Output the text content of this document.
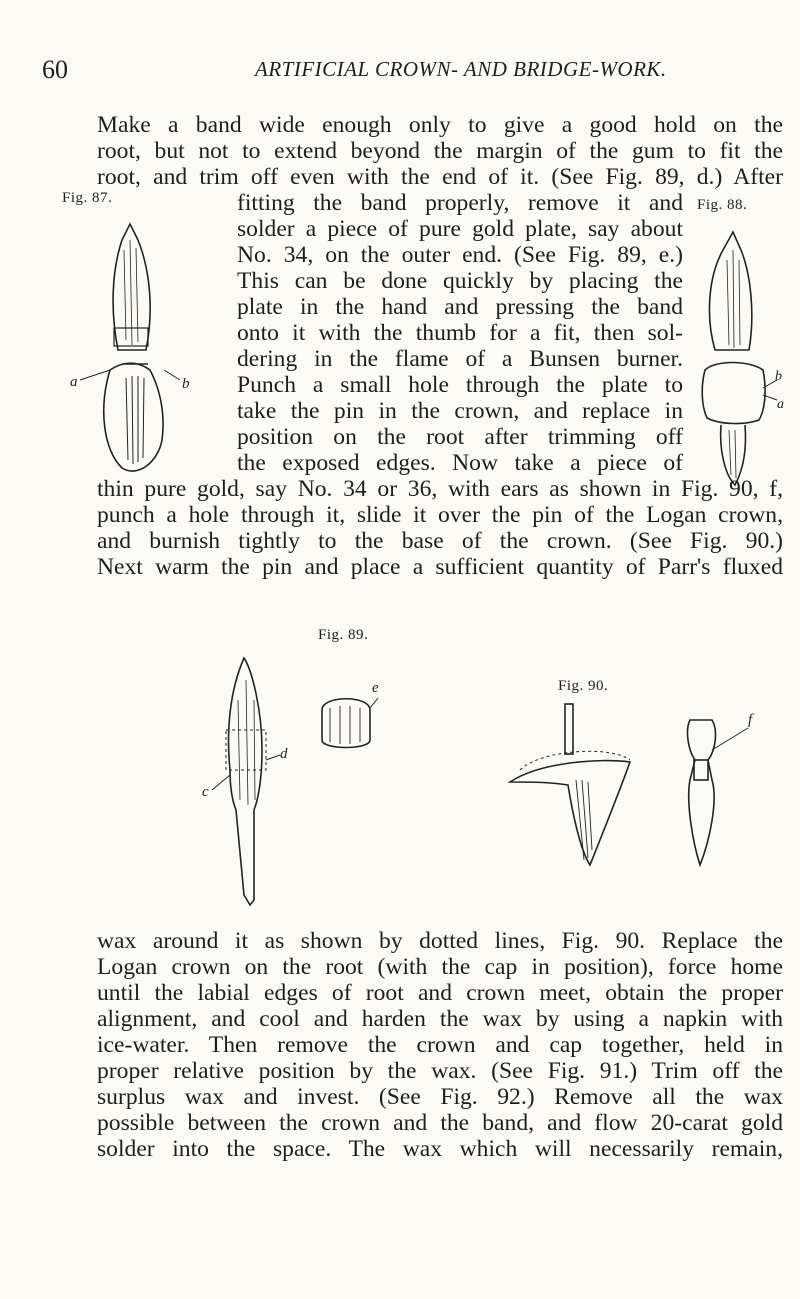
60	ARTIFICIAL CROWN- AND BRIDGE-WORK.
Make a band wide enough only to give a good hold on the
root, but not to extend beyond the margin of the gum to fit the
root, and trim off even with the end of it. (See Fig. 89, d.) After
fitting the band properly, remove it and
solder a piece of pure gold plate, say about
No. 34, on the outer end. (See Fig. 89, e.)
This can be done quickly by placing the
plate in the hand and pressing the band
onto it with the thumb for a fit, then sol-
dering in the flame of a Bunsen burner.
Punch a small hole through the plate to
take the pin in the crown, and replace in
position on the root after trimming off
the exposed edges. Now take a piece of
thin pure gold, say No. 34 or 36, with ears as shown in Fig. 90, f,
punch a hole through it, slide it over the pin of the Logan crown,
and burnish tightly to the base of the crown. (See Fig. 90.)
Next warm the pin and place a sufficient quantity of Parr's fluxed
Fig. 87.
a	b
Fig. 88.
b
a
Fig. 89.
c
d
e	Fig. 90.
f
wax around it as shown by dotted lines, Fig. 90. Replace the
Logan crown on the root (with the cap in position), force home
until the labial edges of root and crown meet, obtain the proper
alignment, and cool and harden the wax by using a napkin with
ice-water. Then remove the crown and cap together, held in
proper relative position by the wax. (See Fig. 91.) Trim off the
surplus wax and invest. (See Fig. 92.) Remove all the wax
possible between the crown and the band, and flow 20-carat gold
solder into the space. The wax which will necessarily remain,
